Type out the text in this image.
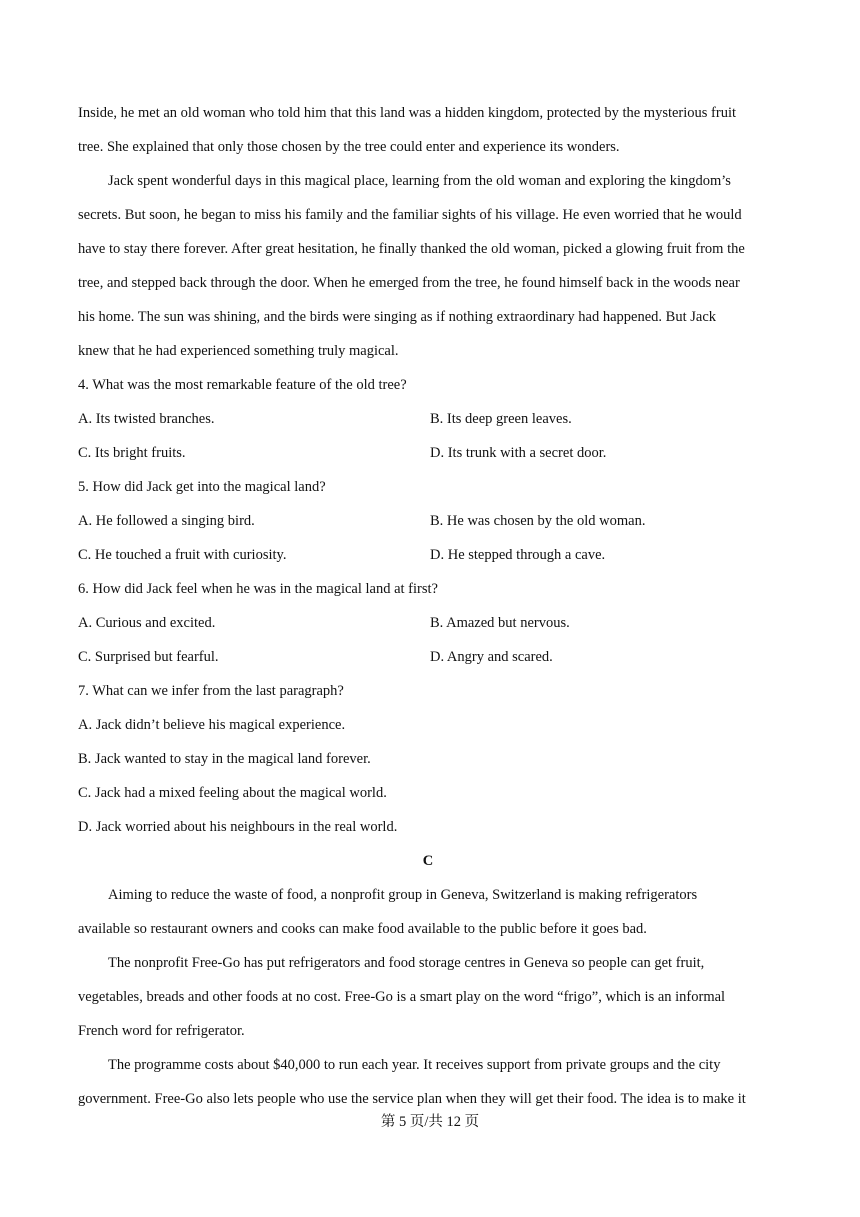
Inside, he met an old woman who told him that this land was a hidden kingdom, protected by the mysterious fruit
tree. She explained that only those chosen by the tree could enter and experience its wonders.
Jack spent wonderful days in this magical place, learning from the old woman and exploring the kingdom’s
secrets. But soon, he began to miss his family and the familiar sights of his village. He even worried that he would
have to stay there forever. After great hesitation, he finally thanked the old woman, picked a glowing fruit from the
tree, and stepped back through the door. When he emerged from the tree, he found himself back in the woods near
his home. The sun was shining, and the birds were singing as if nothing extraordinary had happened. But Jack
knew that he had experienced something truly magical.
4. What was the most remarkable feature of the old tree?
A. Its twisted branches.	B. Its deep green leaves.
C. Its bright fruits.	D. Its trunk with a secret door.
5. How did Jack get into the magical land?
A. He followed a singing bird.	B. He was chosen by the old woman.
C. He touched a fruit with curiosity.	D. He stepped through a cave.
6. How did Jack feel when he was in the magical land at first?
A. Curious and excited.	B. Amazed but nervous.
C. Surprised but fearful.	D. Angry and scared.
7. What can we infer from the last paragraph?
A. Jack didn’t believe his magical experience.
B. Jack wanted to stay in the magical land forever.
C. Jack had a mixed feeling about the magical world.
D. Jack worried about his neighbours in the real world.
C
Aiming to reduce the waste of food, a nonprofit group in Geneva, Switzerland is making refrigerators
available so restaurant owners and cooks can make food available to the public before it goes bad.
The nonprofit Free-Go has put refrigerators and food storage centres in Geneva so people can get fruit,
vegetables, breads and other foods at no cost. Free-Go is a smart play on the word “frigo”, which is an informal
French word for refrigerator.
The programme costs about $40,000 to run each year. It receives support from private groups and the city
government. Free-Go also lets people who use the service plan when they will get their food. The idea is to make it
第 5 页/共 12 页
